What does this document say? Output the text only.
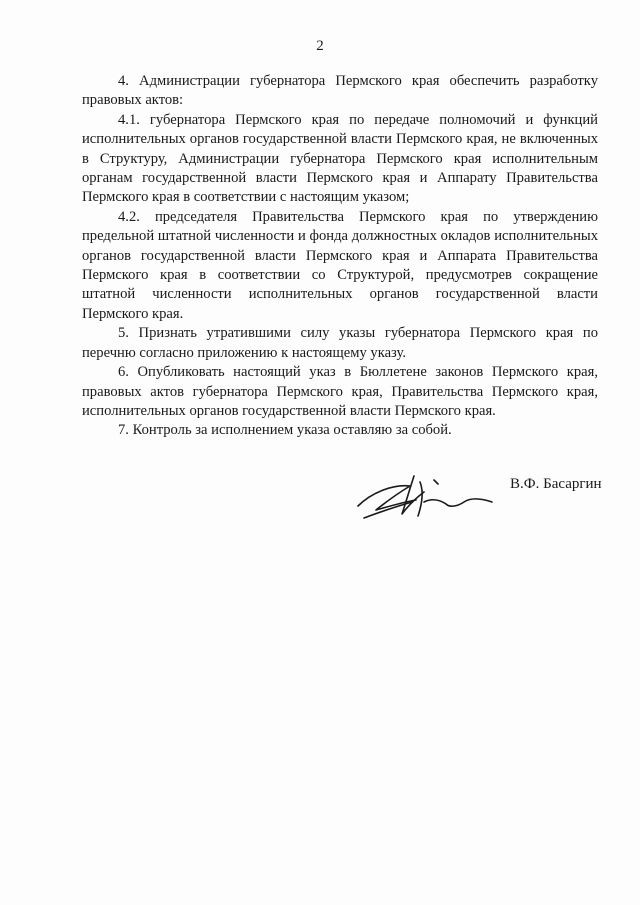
2

4. Администрации губернатора Пермского края обеспечить разработку правовых актов:

4.1. губернатора Пермского края по передаче полномочий и функций исполнительных органов государственной власти Пермского края, не включенных в Структуру, Администрации губернатора Пермского края исполнительным органам государственной власти Пермского края и Аппарату Правительства Пермского края в соответствии с настоящим указом;

4.2. председателя Правительства Пермского края по утверждению предельной штатной численности и фонда должностных окладов исполнительных органов государственной власти Пермского края и Аппарата Правительства Пермского края в соответствии со Структурой, предусмотрев сокращение штатной численности исполнительных органов государственной власти Пермского края.

5. Признать утратившими силу указы губернатора Пермского края по перечню согласно приложению к настоящему указу.

6. Опубликовать настоящий указ в Бюллетене законов Пермского края, правовых актов губернатора Пермского края, Правительства Пермского края, исполнительных органов государственной власти Пермского края.

7. Контроль за исполнением указа оставляю за собой.

В.Ф. Басаргин
